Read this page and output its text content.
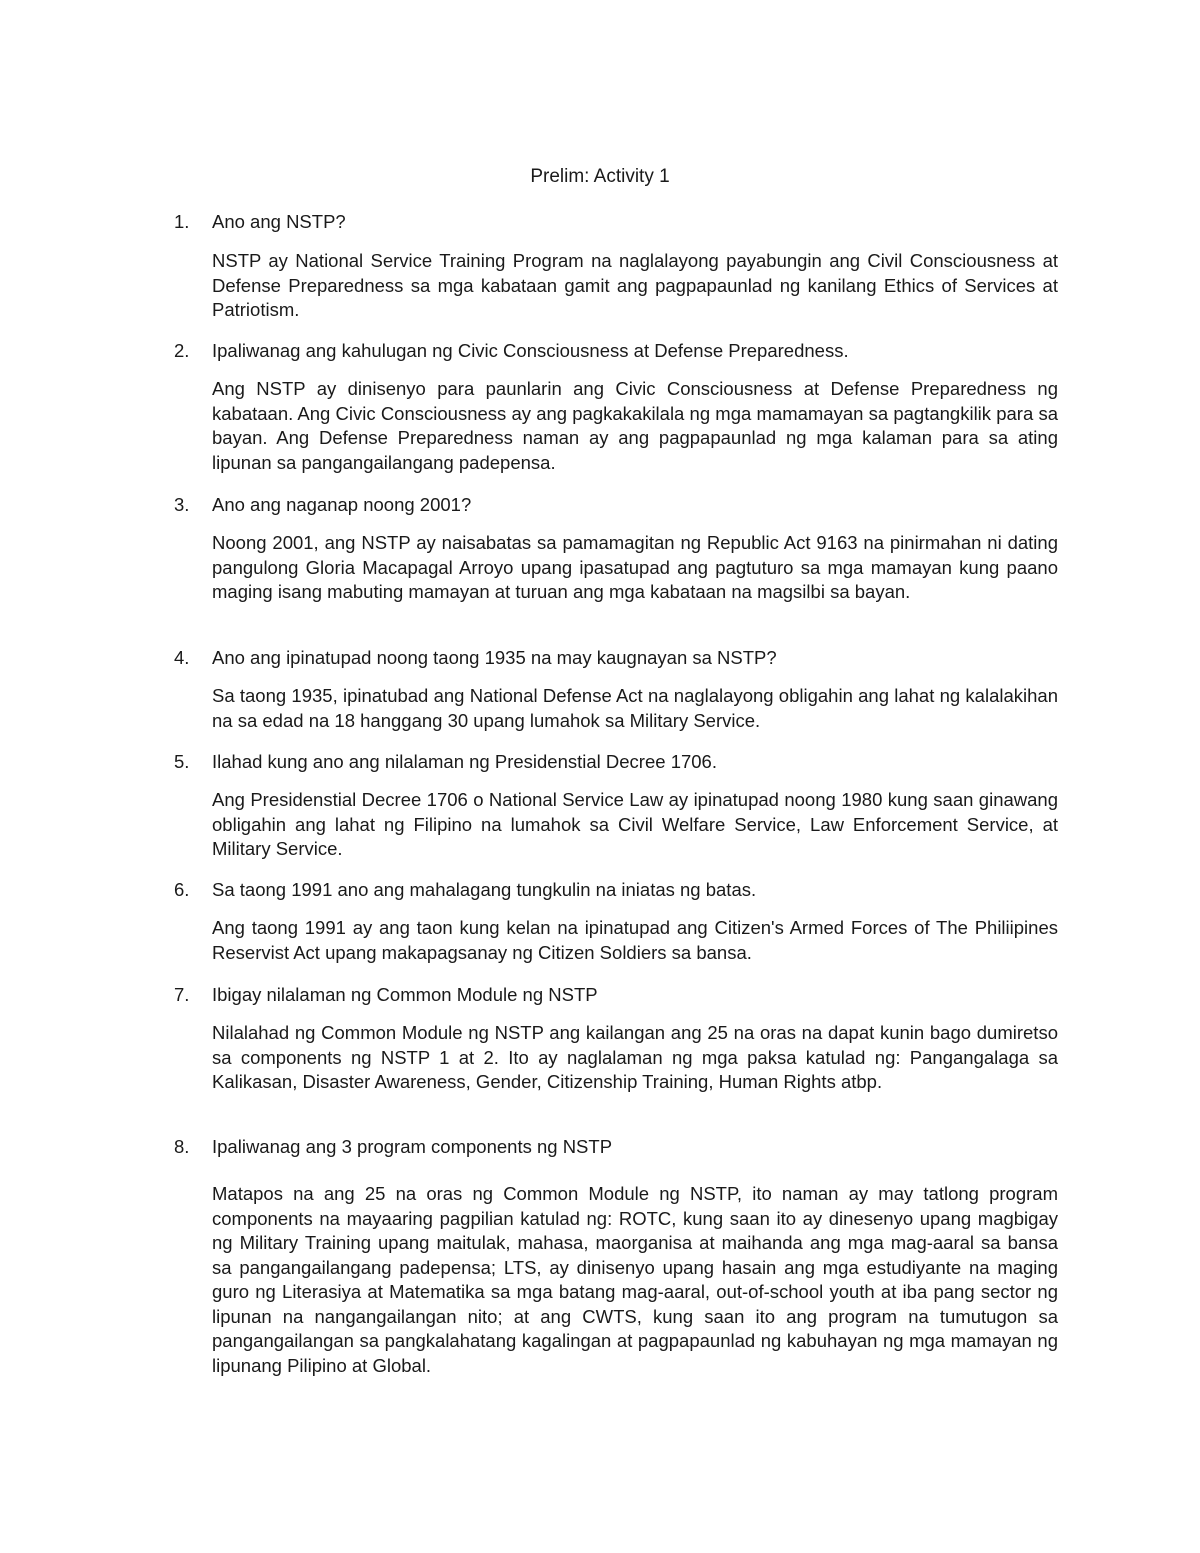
Prelim: Activity 1
1.	Ano ang NSTP?
NSTP ay National Service Training Program na naglalayong payabungin ang Civil Consciousness at Defense Preparedness sa mga kabataan gamit ang pagpapaunlad ng kanilang Ethics of Services at Patriotism.
2.	Ipaliwanag ang kahulugan ng Civic Consciousness at Defense Preparedness.
Ang NSTP ay dinisenyo para paunlarin ang Civic Consciousness at Defense Preparedness ng kabataan. Ang Civic Consciousness ay ang pagkakakilala ng mga mamamayan sa pagtangkilik para sa bayan. Ang Defense Preparedness naman ay ang pagpapaunlad ng mga kalaman para sa ating lipunan sa pangangailangang padepensa.
3.	Ano ang naganap noong 2001?
Noong 2001, ang NSTP ay naisabatas sa pamamagitan ng Republic Act 9163 na pinirmahan ni dating pangulong Gloria Macapagal Arroyo upang ipasatupad ang pagtuturo sa mga mamayan kung paano maging isang mabuting mamayan at turuan ang mga kabataan na magsilbi sa bayan.
4.	Ano ang ipinatupad noong taong 1935 na may kaugnayan sa NSTP?
Sa taong 1935, ipinatubad ang National Defense Act na naglalayong obligahin ang lahat ng kalalakihan na sa edad na 18 hanggang 30 upang lumahok sa Military Service.
5.	Ilahad kung ano ang nilalaman ng Presidenstial Decree 1706.
Ang Presidenstial Decree 1706 o National Service Law ay ipinatupad noong 1980 kung saan ginawang obligahin ang lahat ng Filipino na lumahok sa Civil Welfare Service, Law Enforcement Service, at Military Service.
6.	Sa taong 1991 ano ang mahalagang tungkulin na iniatas ng batas.
Ang taong 1991 ay ang taon kung kelan na ipinatupad ang Citizen's Armed Forces of The Philiipines Reservist Act upang makapagsanay ng Citizen Soldiers sa bansa.
7.	Ibigay nilalaman ng Common Module ng NSTP
Nilalahad ng Common Module ng NSTP ang kailangan ang 25 na oras na dapat kunin bago dumiretso sa components ng NSTP 1 at 2. Ito ay naglalaman ng mga paksa katulad ng: Pangangalaga sa Kalikasan, Disaster Awareness, Gender, Citizenship Training, Human Rights atbp.
8.	Ipaliwanag ang 3 program components ng NSTP
Matapos na ang 25 na oras ng Common Module ng NSTP, ito naman ay may tatlong program components na mayaaring pagpilian katulad ng: ROTC, kung saan ito ay dinesenyo upang magbigay ng Military Training upang maitulak, mahasa, maorganisa at maihanda ang mga mag-aaral sa bansa sa pangangailangang padepensa; LTS, ay dinisenyo upang hasain ang mga estudiyante na maging guro ng Literasiya at Matematika sa mga batang mag-aaral, out-of-school youth at iba pang sector ng lipunan na nangangailangan nito; at ang CWTS, kung saan ito ang program na tumutugon sa pangangailangan sa pangkalahatang kagalingan at pagpapaunlad ng kabuhayan ng mga mamayan ng lipunang Pilipino at Global.
